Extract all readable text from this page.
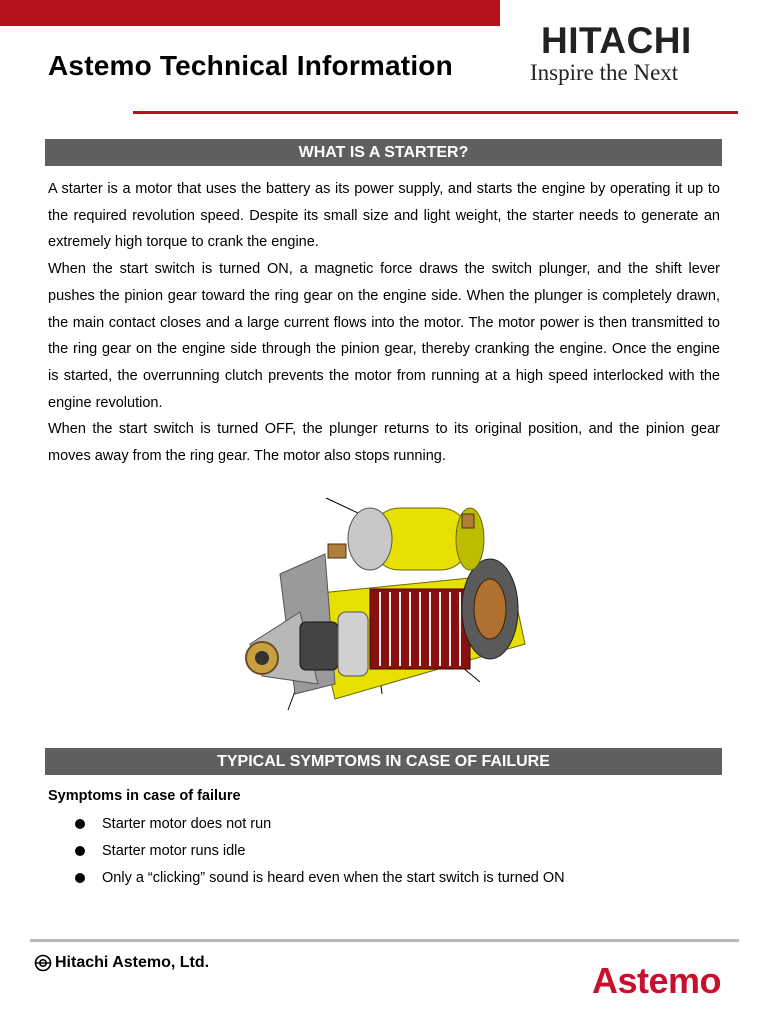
Astemo Technical Information
HITACHI
Inspire the Next
WHAT IS A STARTER?

A starter is a motor that uses the battery as its power supply, and starts the engine by operating it up to the required revolution speed. Despite its small size and light weight, the starter needs to generate an extremely high torque to crank the engine.

When the start switch is turned ON, a magnetic force draws the switch plunger, and the shift lever pushes the pinion gear toward the ring gear on the engine side. When the plunger is completely drawn, the main contact closes and a large current flows into the motor. The motor power is then transmitted to the ring gear on the engine side through the pinion gear, thereby cranking the engine. Once the engine is started, the overrunning clutch prevents the motor from running at a high speed interlocked with the engine revolution.

When the start switch is turned OFF, the plunger returns to its original position, and the pinion gear moves away from the ring gear. The motor also stops running.

TYPICAL SYMPTOMS IN CASE OF FAILURE
Symptoms in case of failure
Starter motor does not run
Starter motor runs idle
Only a “clicking” sound is heard even when the start switch is turned ON
Hitachi Astemo, Ltd.	Astemo
